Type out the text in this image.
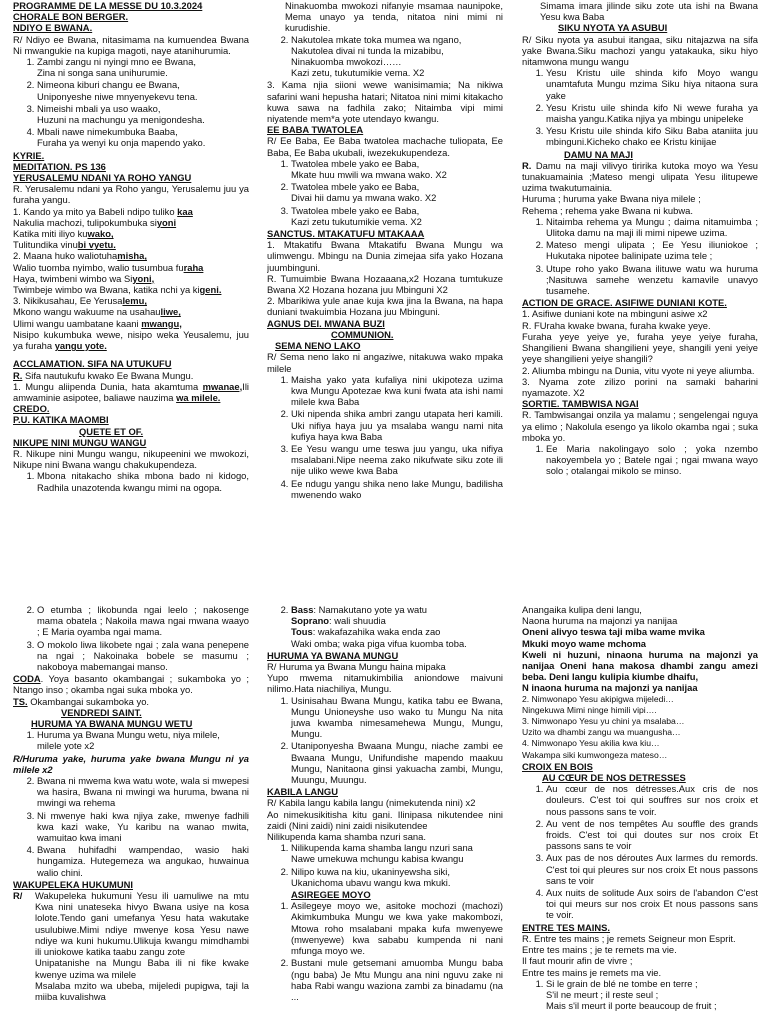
PROGRAMME DE LA MESSE DU 10.3.2024

CHORALE BON BERGER.

NDIYO E BWANA.

R/ Ndiyo ee Bwana, nitasimama na kumuendea Bwana Ni mwangukie na kupiga magoti, naye atanihurumia.

1. Zambi zangu ni nyingi mno ee Bwana,
Zina ni songa sana unihurumie.
2. Nimeona kiburi changu ee Bwana,
Uniponyeshe niwe mnyenyekevu tena.
3. Nimeishi mbali ya uso waako,
Huzuni na machungu ya menigondesha.
4. Mbali nawe nimekumbuka Baaba,
Furaha ya wenyi ku onja mapendo yako.

KYRIE.

MEDITATION. PS 136

YERUSALEMU NDANI YA ROHO YANGU

R. Yerusalemu ndani ya Roho yangu, Yerusalemu juu ya furaha yangu.

1. Kando ya mito ya Babeli ndipo tuliko kaa

Nakulia machozi, tulipokumbuka siyoni

Katika miti iliyo kuwako,

Tulitundika vinubi vyetu.

2. Maana huko waliotuhamisha,

Walio tuomba nyimbo, walio tusumbua furaha

Haya, twimbeni wimbo wa Siyoni,

Twimbeje wimbo wa Bwana, katika nchi ya kigeni.

3. Nikikusahau, Ee Yerusalemu,

Mkono wangu wakuume na usahauliwe,

Ulimi wangu uambatane kaani mwangu,

Nisipo kukumbuka wewe, nisipo weka Yeusalemu, juu ya furaha yangu yote.

ACCLAMATION. SIFA NA UTUKUFU

R. Sifa nautukufu kwako Ee Bwana Mungu.

1. Mungu aliipenda Dunia, hata akamtuma mwanae,Ili amwaminie asipotee, baliawe nauzima wa milele.

CREDO.

P.U. KATIKA MAOMBI

QUETE ET OF.

NIKUPE NINI MUNGU WANGU

R. Nikupe nini Mungu wangu, nikupeenini we mwokozi, Nikupe nini Bwana wangu chakukupendeza.

1. Mbona nitakacho shika mbona bado ni kidogo, Radhila unazotenda kwangu mimi na ogopa.

Ninakuomba mwokozi nifanyie msamaa naunipoke, Mema unayo ya tenda, nitatoa nini mimi ni kurudishie.

2. Nakutolea mkate toka mumea wa ngano,
Nakutolea divai ni tunda la mizabibu,
Ninakuomba mwokozi……
Kazi zetu, tukutumikie vema. X2

3. Kama njia siioni wewe wanisimamia; Na nikiwa safarini wani hepusha hatari; Nitatoa nini mimi kitakacho kuwa sawa na fadhila zako; Nitaimba vipi mimi niyatende mem*a yote utendayo kwangu.

EE BABA TWATOLEA

R/ Ee Baba, Ee Baba twatolea machache tuliopata, Ee Baba, Ee Baba ukubali, iwezekukupendeza.

1. Twatolea mbele yako ee Baba,
Mkate huu mwili wa mwana wako. X2
2. Twatolea mbele yako ee Baba,
Divai hii damu ya mwana wako. X2
3. Twatolea mbele yako ee Baba,
Kazi zetu tukutumikie vema. X2

SANCTUS. MTAKATUFU MTAKAAA

1. Mtakatifu Bwana Mtakatifu Bwana Mungu wa ulimwengu. Mbingu na Dunia zimejaa sifa yako Hozana juumbinguni.

R. Tumuimbie Bwana Hozaaana,x2 Hozana tumtukuze Bwana X2 Hozana hozana juu Mbinguni X2

2. Mbarikiwa yule anae kuja kwa jina la Bwana, na hapa duniani twakuimbia Hozana juu Mbinguni.

AGNUS DEI. MWANA BUZI

COMMUNION.

SEMA NENO LAKO

R/ Sema neno lako ni angaziwe, nitakuwa wako mpaka milele

1. Maisha yako yata kufaliya nini ukipoteza uzima kwa Mungu Apotezae kwa kuni fwata ata ishi nami milele kwa Baba
2. Uki nipenda shika ambri zangu utapata heri kamili. Uki nifiya haya juu ya msalaba wangu nami nita kufiya haya kwa Baba
3. Ee Yesu wangu ume teswa juu yangu, uka nifiya msalabani.Nipe neema zako nikufwate siku zote ili nije uliko wewe kwa Baba
4. Ee ndugu yangu shika neno lake Mungu, badilisha mwenendo wako

Simama imara jilinde siku zote uta ishi na Bwana Yesu kwa Baba

SIKU NYOTA YA ASUBUI

R/ Siku nyota ya asubui itangaa, siku nitajazwa na sifa yake Bwana.Siku machozi yangu yatakauka, siku hiyo nitamwona mungu wangu

1. Yesu Kristu uile shinda kifo Moyo wangu unamtafuta Mungu mzima Siku hiya nitaona sura yake
2. Yesu Kristu uile shinda kifo Ni wewe furaha ya maisha yangu.Katika njiya ya mbingu unipeleke
3. Yesu Kristu uile shinda kifo Siku Baba ataniita juu mbinguni.Kicheko chako ee Kristu kinijae

DAMU NA MAJI

R. Damu na maji vilivyo tiririka kutoka moyo wa Yesu tunakuamainia ;Mateso mengi ulipata Yesu ilitupewe uzima twakutumainia.

Huruma ; huruma yake Bwana niya milele ;

Rehema ; rehema yake Bwana ni kubwa.

1. Nitaimba rehema ya Mungu ; daima nitamuimba ; Ulitoka damu na maji ili mimi nipewe uzima.
2. Mateso mengi ulipata ; Ee Yesu iliuniokoe ; Hukutaka nipotee balinipate uzima tele ;
3. Utupe roho yako Bwana ilituwe watu wa huruma ;Nasituwa samehe wenzetu kamavile unavyo tusamehe.

ACTION DE GRACE. ASIFIWE DUNIANI KOTE.

1. Asifiwe duniani kote na mbinguni asiwe x2

R. FUraha kwake bwana, furaha kwake yeye.

Furaha yeye yeiye ye, furaha yeye yeiye furaha, Shangilieni Bwana shangilieni yeye, shangili yeni yeiye yeye shangilieni yeiye shangili?

2. Aliumba mbingu na Dunia, vitu vyote ni yeye aliumba.

3. Nyama zote zilizo porini na samaki baharini nyamazote. X2

SORTIE. TAMBWISA NGAI

R. Tambwisangai onzila ya malamu ; sengelengai nguya ya elimo ; Nakolula esengo ya likolo okamba ngai ; suka mboka yo.

1. Ee Maria nakolingayo solo ; yoka nzembo nakoyembela yo ; Batele ngai ; ngai mwana wayo solo ; otalangai mikolo se minso.
2. O etumba ; likobunda ngai leelo ; nakosenge mama obatela ; Nakoila mawa ngai mwana waayo ; E Maria oyamba ngai mama.
3. O mokolo liwa likobete ngai ; zala wana penepene na ngai ; Nakoinaka bobele se masumu ; nakoboya mabemangai manso.

CODA. Yoya basanto okambangai ; sukamboka yo ; Ntango inso ; okamba ngai suka mboka yo.

TS. Okambangai sukamboka yo.

VENDREDI SAINT.

HURUMA YA BWANA MUNGU WETU

1. Huruma ya Bwana Mungu wetu, niya milele,
milele yote x2

R/Huruma yake, huruma yake bwana Mungu ni ya milele x2

2. Bwana ni mwema kwa watu wote, wala si mwepesi wa hasira, Bwana ni mwingi wa huruma, bwana ni mwingi wa rehema
3. Ni mwenye haki kwa njiya zake, mwenye fadhili kwa kazi wake, Yu karibu na wanao mwita, wamuitao kwa imani
4. Bwana huhifadhi wampendao, wasio haki hungamiza. Hutegemeza wa angukao, huwainua walio chini.

WAKUPELEKA HUKUMUNI

R/	Wakupeleka hukumuni Yesu ili uamuliwe na mtu Kwa nini unateseka hivyo Bwana usiye na kosa lolote.Tendo gani umefanya Yesu hata wakutake usulubiwe.Mimi ndiye mwenye kosa Yesu nawe ndiye wa kuni hukumu.Ulikuja kwangu mimdhambi ili uniokowe katika taabu zangu zote

Unipatanishe na Mungu Baba ili ni fike kwake kwenye uzima wa milele

Msalaba mzito wa ubeba, mijeledi pupigwa, taji la miiba kuvalishwa

2. Bass: Namakutano yote ya watu
Soprano: wali shuudia
Tous: wakafazahika waka enda zao
Waki omba; waka piga vifua kuomba toba.

HURUMA YA BWANA MUNGU

R/ Huruma ya Bwana Mungu haina mipaka

Yupo mwema nitamukimbilia aniondowe maivuni nilimo.Hata niachiliya, Mungu.

1. Usinisahau Bwana Mungu, katika tabu ee Bwana, Mungu Unioneyshe uso wako tu Mungu Na nita juwa kwamba nimesamehewa Mungu, Mungu, Mungu.
2. Utaniponyesha Bwaana Mungu, niache zambi ee Bwaana Mungu, Unifundishe mapendo maakuu Mungu, Nanitaona ginsi yakuacha zambi, Mungu, Muungu, Muungu.

KABILA LANGU

R/ Kabila langu kabila langu (nimekutenda nini) x2

Ao nimekusikitisha kitu gani. Ilinipasa nikutendee nini zaidi (Nini zaidi) nini zaidi nisikutendee

Nilikupenda kama shamba nzuri sana.

1. Nilikupenda kama shamba langu nzuri sana
Nawe umekuwa mchungu kabisa kwangu
2. Nilipo kuwa na kiu, ukaninyewsha siki,
Ukanichoma ubavu wangu kwa mkuki.

ASIREGEE MOYO

1. Asilegeye moyo we, asitoke mochozi (machozi) Akimkumbuka Mungu we kwa yake makombozi, Mtowa roho msalabani mpaka kufa mwenyewe (mwenyewe) kwa sababu kumpenda ni nani mfunga moyo we.
2. Bustani mule getsemani amuomba Mungu baba (ngu baba) Je Mtu Mungu ana nini nguvu zake ni haba Rabi wangu waziona zambi za binadamu (na ...

Anangaika kulipa deni langu,

Naona huruma na majonzi ya nanijaa

Oneni alivyo teswa taji miba wame mvika

Mkuki moyo wame mchoma

Kweli ni huzuni, ninaona huruma na majonzi ya nanijaa Oneni hana makosa dhambi zangu amezi beba. Deni langu kulipia kiumbe dhaifu,

N inaona huruma na majonzi ya nanijaa

2. Nimwonapo Yesu akipigwa mijeledi…

Ningekuwa Mimi ninge himili vipi….

3. Nimwonapo Yesu yu chini ya msalaba…

Uzito wa dhambi zangu wa muangusha…

4. Nimwonapo Yesu akilia kwa kiu…

Wakampa siki kumwongeza mateso…

CROIX EN BOIS

AU CŒUR DE NOS DETRESSES

1. Au cœur de nos détresses.Aux cris de nos douleurs. C'est toi qui souffres sur nos croix et nous passons sans te voir.
2. Au vent de nos tempêtes Au souffle des grands froids. C'est toi qui doutes sur nos croix Et passons sans te voir
3. Aux pas de nos déroutes Aux larmes du remords. C'est toi qui pleures sur nos croix Et nous passons sans te voir
4. Aux nuits de solitude Aux soirs de l'abandon C'est toi qui meurs sur nos croix Et nous passons sans te voir.

ENTRE TES MAINS.

R. Entre tes mains ; je remets Seigneur mon Esprit.

Entre tes mains ; je te remets ma vie.

Il faut mourir afin de vivre ;

Entre tes mains je remets ma vie.

1. Si le grain de blé ne tombe en terre ;
S'il ne meurt ; il reste seul ;
Mais s'il meurt il porte beaucoup de fruit ;
